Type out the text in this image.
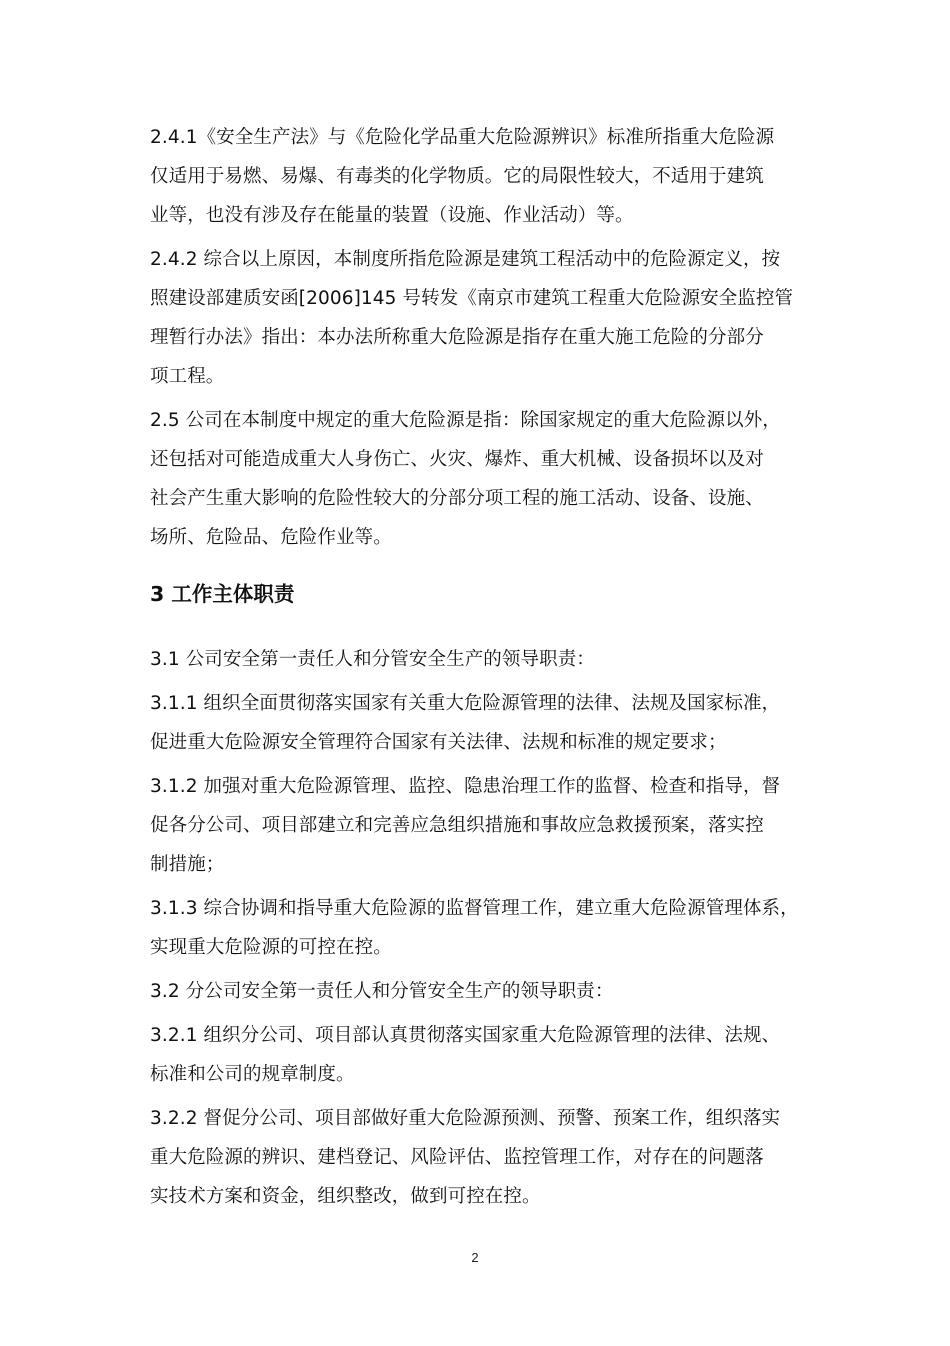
2.4.1《安全生产法》与《危险化学品重大危险源辨识》标准所指重大危险源
仅适用于易燃、易爆、有毒类的化学物质。它的局限性较大，不适用于建筑
业等，也没有涉及存在能量的装置（设施、作业活动）等。
2.4.2 综合以上原因，本制度所指危险源是建筑工程活动中的危险源定义，按
照建设部建质安函[2006]145 号转发《南京市建筑工程重大危险源安全监控管
理暂行办法》指出：本办法所称重大危险源是指存在重大施工危险的分部分
项工程。
2.5 公司在本制度中规定的重大危险源是指：除国家规定的重大危险源以外，
还包括对可能造成重大人身伤亡、火灾、爆炸、重大机械、设备损坏以及对
社会产生重大影响的危险性较大的分部分项工程的施工活动、设备、设施、
场所、危险品、危险作业等。
3 工作主体职责
3.1 公司安全第一责任人和分管安全生产的领导职责：
3.1.1 组织全面贯彻落实国家有关重大危险源管理的法律、法规及国家标准，
促进重大危险源安全管理符合国家有关法律、法规和标准的规定要求；
3.1.2 加强对重大危险源管理、监控、隐患治理工作的监督、检查和指导，督
促各分公司、项目部建立和完善应急组织措施和事故应急救援预案，落实控
制措施；
3.1.3 综合协调和指导重大危险源的监督管理工作，建立重大危险源管理体系，
实现重大危险源的可控在控。
3.2 分公司安全第一责任人和分管安全生产的领导职责：
3.2.1 组织分公司、项目部认真贯彻落实国家重大危险源管理的法律、法规、
标准和公司的规章制度。
3.2.2 督促分公司、项目部做好重大危险源预测、预警、预案工作，组织落实
重大危险源的辨识、建档登记、风险评估、监控管理工作，对存在的问题落
实技术方案和资金，组织整改，做到可控在控。
2
